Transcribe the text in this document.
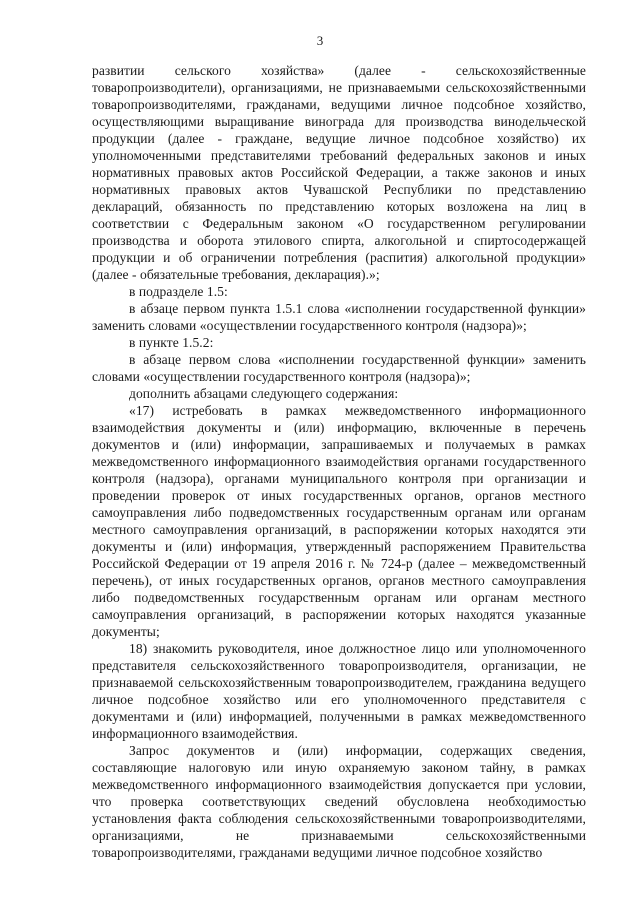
3

развитии сельского хозяйства» (далее - сельскохозяйственные товаропроизводители), организациями, не признаваемыми сельскохозяйственными товаропроизводителями, гражданами, ведущими личное подсобное хозяйство, осуществляющими выращивание винограда для производства винодельческой продукции (далее - граждане, ведущие личное подсобное хозяйство) их уполномоченными представителями требований федеральных законов и иных нормативных правовых актов Российской Федерации, а также законов и иных нормативных правовых актов Чувашской Республики по представлению деклараций, обязанность по представлению которых возложена на лиц в соответствии с Федеральным законом «О государственном регулировании производства и оборота этилового спирта, алкогольной и спиртосодержащей продукции и об ограничении потребления (распития) алкогольной продукции» (далее - обязательные требования, декларация).»;

в подразделе 1.5:

в абзаце первом пункта 1.5.1 слова «исполнении государственной функции» заменить словами «осуществлении государственного контроля (надзора)»;

в пункте 1.5.2:

в абзаце первом слова «исполнении государственной функции» заменить словами «осуществлении государственного контроля (надзора)»;

дополнить абзацами следующего содержания:

«17) истребовать в рамках межведомственного информационного взаимодействия документы и (или) информацию, включенные в перечень документов и (или) информации, запрашиваемых и получаемых в рамках межведомственного информационного взаимодействия органами государственного контроля (надзора), органами муниципального контроля при организации и проведении проверок от иных государственных органов, органов местного самоуправления либо подведомственных государственным органам или органам местного самоуправления организаций, в распоряжении которых находятся эти документы и (или) информация, утвержденный распоряжением Правительства Российской Федерации от 19 апреля 2016 г. № 724-р (далее – межведомственный перечень), от иных государственных органов, органов местного самоуправления либо подведомственных государственным органам или органам местного самоуправления организаций, в распоряжении которых находятся указанные документы;

18) знакомить руководителя, иное должностное лицо или уполномоченного представителя сельскохозяйственного товаропроизводителя, организации, не признаваемой сельскохозяйственным товаропроизводителем, гражданина ведущего личное подсобное хозяйство или его уполномоченного представителя с документами и (или) информацией, полученными в рамках межведомственного информационного взаимодействия.

Запрос документов и (или) информации, содержащих сведения, составляющие налоговую или иную охраняемую законом тайну, в рамках межведомственного информационного взаимодействия допускается при условии, что проверка соответствующих сведений обусловлена необходимостью установления факта соблюдения сельскохозяйственными товаропроизводителями, организациями, не признаваемыми сельскохозяйственными товаропроизводителями, гражданами ведущими личное подсобное хозяйство
